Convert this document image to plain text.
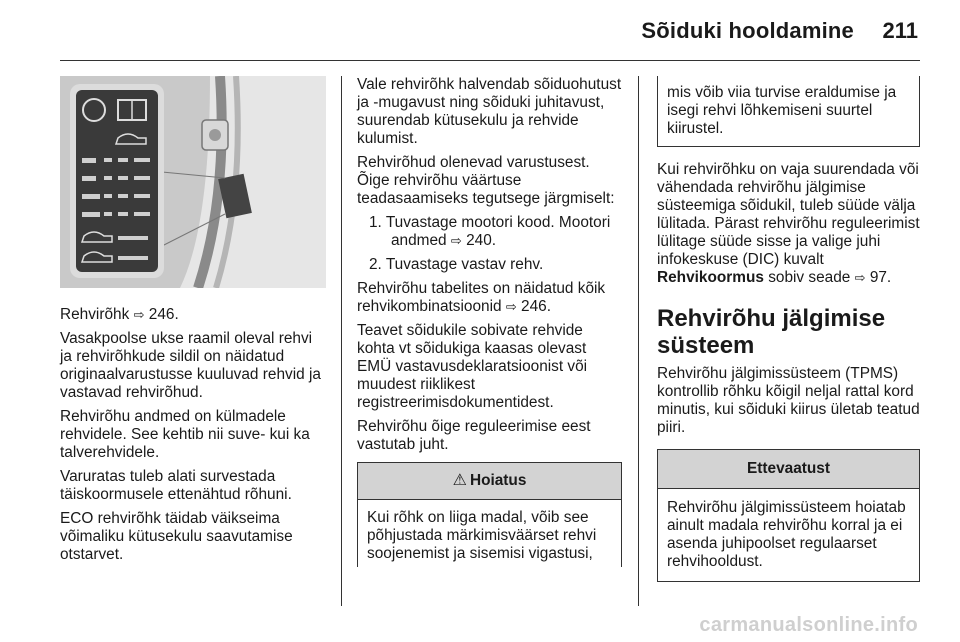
Sõiduki hooldamine 211

Rehvirõhk ⇨ 246.

Vasakpoolse ukse raamil oleval rehvi ja rehvirõhkude sildil on näidatud originaalvarustusse kuuluvad rehvid ja vastavad rehvirõhud.

Rehvirõhu andmed on külmadele rehvidele. See kehtib nii suve- kui ka talverehvidele.

Varuratas tuleb alati survestada täiskoormusele ettenähtud rõhuni.

ECO rehvirõhk täidab väikseima võimaliku kütusekulu saavutamise otstarvet.

Vale rehvirõhk halvendab sõiduohutust ja -mugavust ning sõiduki juhitavust, suurendab kütusekulu ja rehvide kulumist.

Rehvirõhud olenevad varustusest. Õige rehvirõhu väärtuse teadasaamiseks tegutsege järgmiselt:

1. Tuvastage mootori kood. Mootori andmed ⇨ 240.
2. Tuvastage vastav rehv.

Rehvirõhu tabelites on näidatud kõik rehvikombinatsioonid ⇨ 246.

Teavet sõidukile sobivate rehvide kohta vt sõidukiga kaasas olevast EMÜ vastavusdeklaratsioonist või muudest riiklikest registreerimisdokumentidest.

Rehvirõhu õige reguleerimise eest vastutab juht.

⚠ Hoiatus
Kui rõhk on liiga madal, võib see põhjustada märkimisväärset rehvi soojenemist ja sisemisi vigastusi,
mis võib viia turvise eraldumise ja isegi rehvi lõhkemiseni suurtel kiirustel.

Kui rehvirõhku on vaja suurendada või vähendada rehvirõhu jälgimise süsteemiga sõidukil, tuleb süüde välja lülitada. Pärast rehvirõhu reguleerimist lülitage süüde sisse ja valige juhi infokeskuse (DIC) kuvalt Rehvikoormus sobiv seade ⇨ 97.

Rehvirõhu jälgimise süsteem

Rehvirõhu jälgimissüsteem (TPMS) kontrollib rõhku kõigil neljal rattal kord minutis, kui sõiduki kiirus ületab teatud piiri.

Ettevaatust
Rehvirõhu jälgimissüsteem hoiatab ainult madala rehvirõhu korral ja ei asenda juhipoolset regulaarset rehvihooldust.
carmanualsonline.info
